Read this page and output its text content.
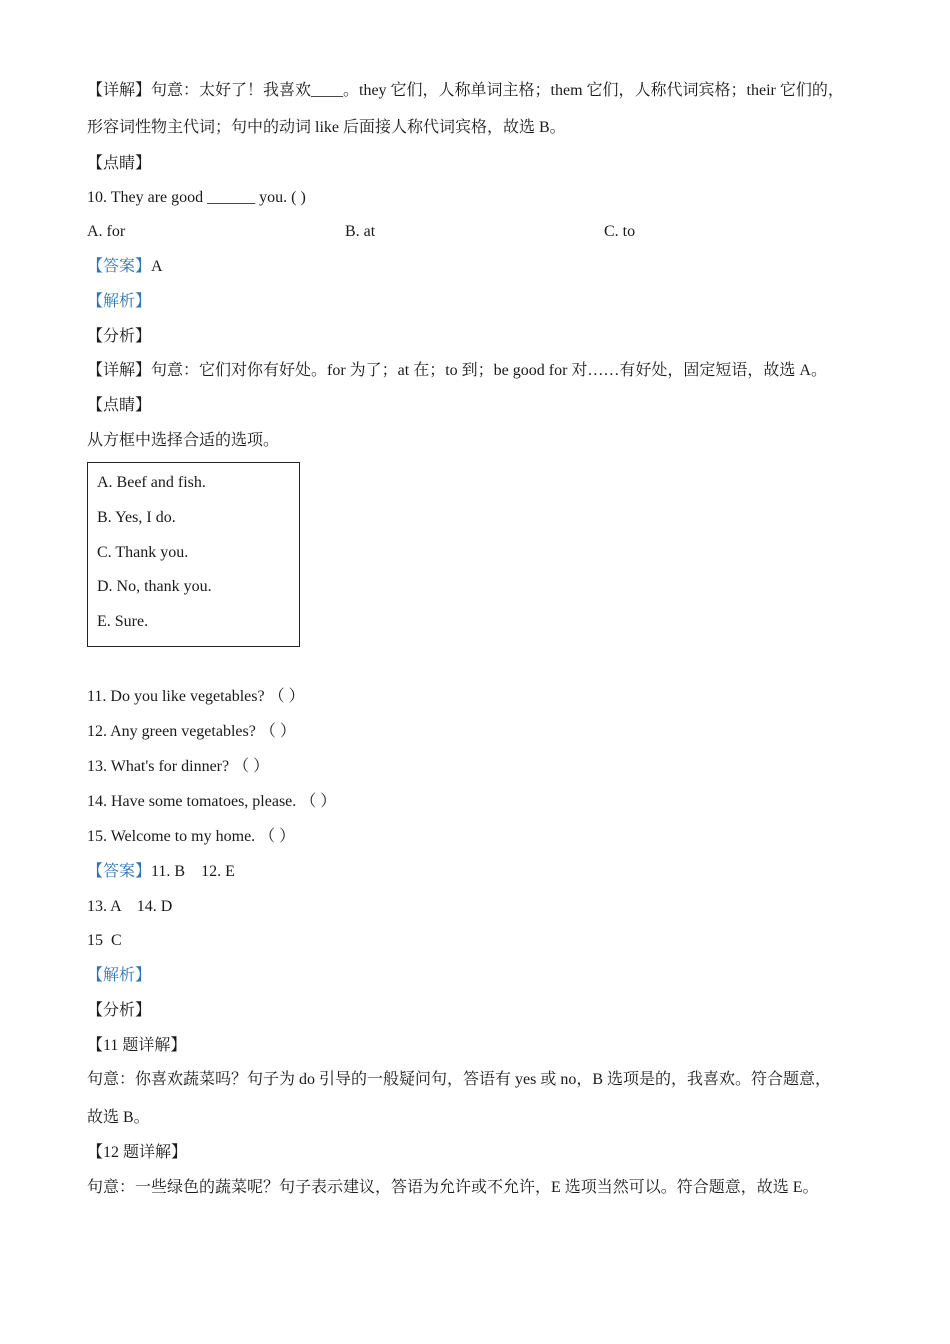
【详解】句意：太好了！我喜欢____。they 它们，人称单词主格；them 它们，人称代词宾格；their 它们的，
形容词性物主代词；句中的动词 like 后面接人称代词宾格，故选 B。
【点睛】
10. They are good ______ you. ( )
A. for	B. at	C. to
【答案】A
【解析】
【分析】
【详解】句意：它们对你有好处。for 为了；at 在；to 到；be good for 对……有好处，固定短语，故选 A。
【点睛】
从方框中选择合适的选项。
A. Beef and fish.
B. Yes, I do.
C. Thank you.
D. No, thank you.
E. Sure.
11. Do you like vegetables? （ ）
12. Any green vegetables? （ ）
13. What's for dinner? （ ）
14. Have some tomatoes, please. （ ）
15. Welcome to my home. （ ）
【答案】11. B    12. E
13. A    14. D
15  C
【解析】
【分析】
【11 题详解】
句意：你喜欢蔬菜吗？句子为 do 引导的一般疑问句，答语有 yes 或 no，B 选项是的，我喜欢。符合题意，
故选 B。
【12 题详解】
句意：一些绿色的蔬菜呢？句子表示建议，答语为允许或不允许，E 选项当然可以。符合题意，故选 E。
